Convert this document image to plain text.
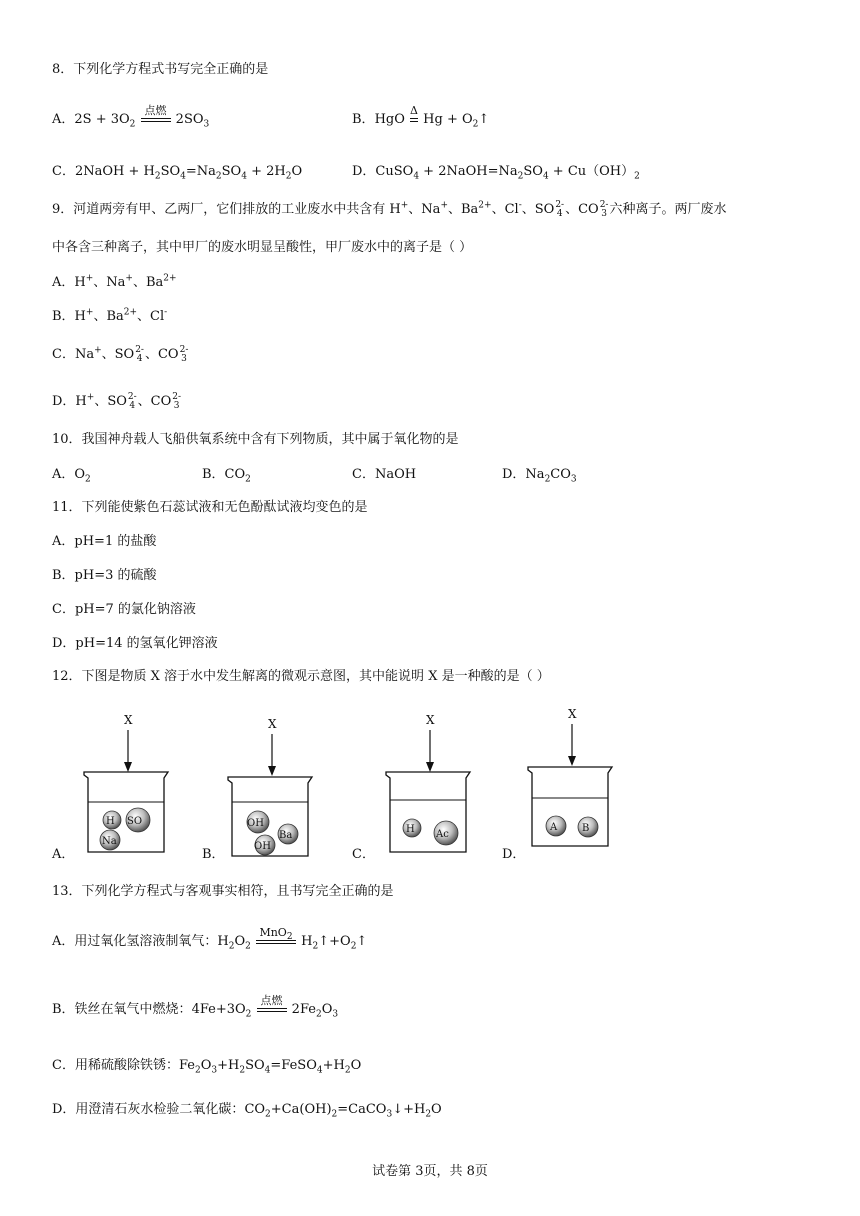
8．下列化学方程式书写完全正确的是
A．$2S + 3O_2$
点燃
$2SO_3$	B．HgO
Δ
$Hg + O_2↑$
C．2NaOH + $H_2SO_4=Na_2SO_4 + 2H_2O$	D．CuSO$_4$ + $2NaOH=Na_2SO_4 + Cu(OH)_2$
9．河道两旁有甲、乙两厂，它们排放的工业废水中共含有 H+、Na+、$Ba^{2+}$、Cl-、SO2-
4 、CO2-
3 六种离子。两厂废水
中各含三种离子，其中甲厂的废水明显呈酸性，甲厂废水中的离子是（ ）
A．H+、Na+、$Ba^{2+}$
B．H+、$Ba^{2+}$、Cl-
C．Na+、SO2-
4 、CO2-
3
D．H+、SO2-
4 、CO2-
3
10．我国神舟载人飞船供氧系统中含有下列物质，其中属于氧化物的是
A．$O_2$	B．$CO_2$	C．NaOH	D．$Na_2CO_3$
11．下列能使紫色石蕊试液和无色酚酞试液均变色的是
A．pH=1 的盐酸
B．pH=3 的硫酸
C．pH=7 的氯化钠溶液
D．pH=14 的氢氧化钾溶液
12．下图是物质 X 溶于水中发生解离的微观示意图，其中能说明 X 是一种酸的是（ ）
X
H SO
Na
X
OH
Ba
OH
X
H Ac
X
A B
A．	B．	C．	D．
13．下列化学方程式与客观事实相符，且书写完全正确的是
A．用过氧化氢溶液制氧气：$H_2O_2$
MnO$_2$ $H_2↑+O_2↑$
B．铁丝在氧气中燃烧：$4Fe+3O_2$
点燃
$2Fe_2O_3$
C．用稀硫酸除铁锈：$Fe_2O_3+H_2SO_4=FeSO_4+H_2O$
D．用澄清石灰水检验二氧化碳：$CO_2+Ca(OH)_2=CaCO_3↓+H_2O$
试卷第 3页，共 8页
